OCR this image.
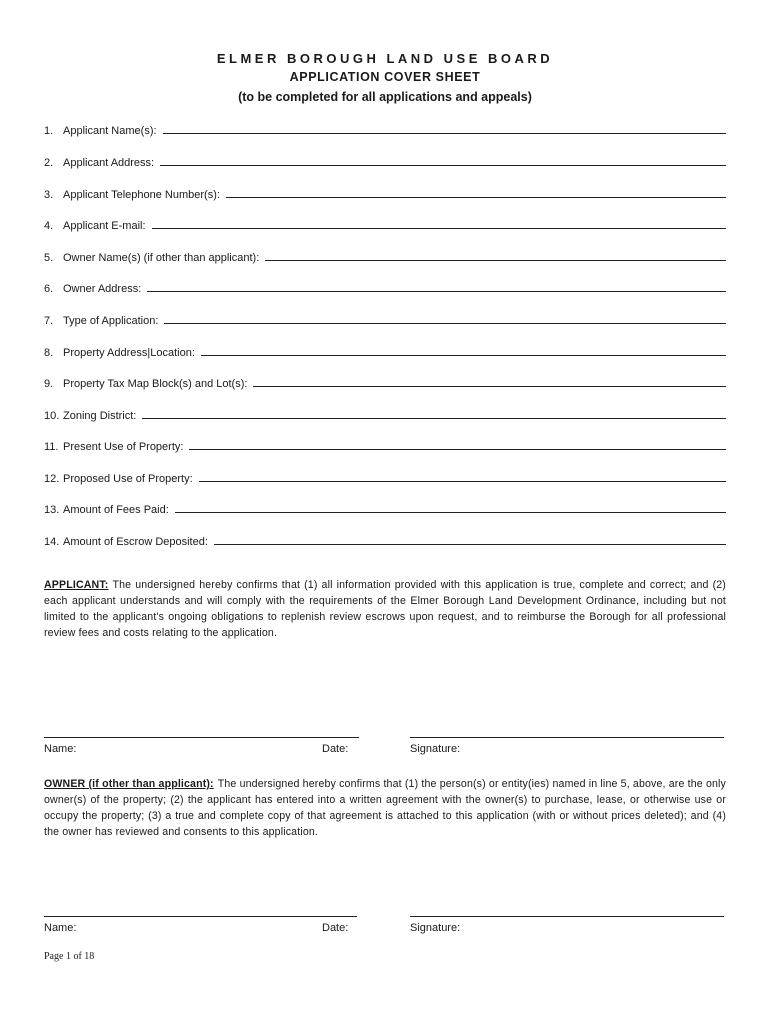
ELMER BOROUGH LAND USE BOARD
APPLICATION COVER SHEET
(to be completed for all applications and appeals)
1. Applicant Name(s):
2. Applicant Address:
3. Applicant Telephone Number(s):
4. Applicant E-mail:
5. Owner Name(s) (if other than applicant):
6. Owner Address:
7. Type of Application:
8. Property Address|Location:
9. Property Tax Map Block(s) and Lot(s):
10. Zoning District:
11. Present Use of Property:
12. Proposed Use of Property:
13. Amount of Fees Paid:
14. Amount of Escrow Deposited:
APPLICANT: The undersigned hereby confirms that (1) all information provided with this application is true, complete and correct; and (2) each applicant understands and will comply with the requirements of the Elmer Borough Land Development Ordinance, including but not limited to the applicant's ongoing obligations to replenish review escrows upon request, and to reimburse the Borough for all professional review fees and costs relating to the application.
Name:	Date:	Signature:
OWNER (if other than applicant): The undersigned hereby confirms that (1) the person(s) or entity(ies) named in line 5, above, are the only owner(s) of the property; (2) the applicant has entered into a written agreement with the owner(s) to purchase, lease, or otherwise use or occupy the property; (3) a true and complete copy of that agreement is attached to this application (with or without prices deleted); and (4) the owner has reviewed and consents to this application.
Name:	Date:	Signature:
Page 1 of 18
